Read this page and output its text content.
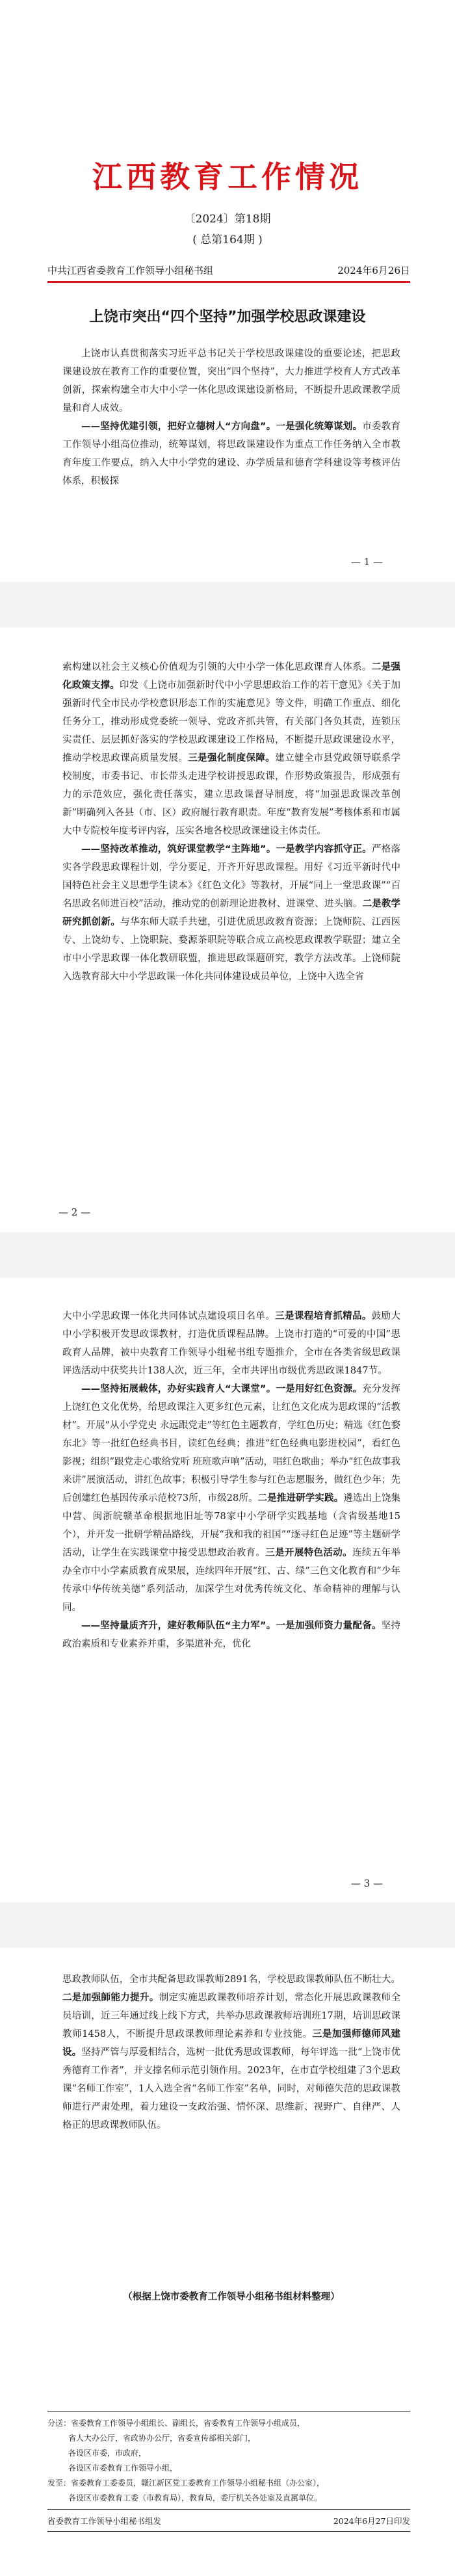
江西教育工作情况
〔2024〕第18期
( 总第164期 )
中共江西省委教育工作领导小组秘书组	2024年6月26日
上饶市突出“四个坚持”加强学校思政课建设

上饶市认真贯彻落实习近平总书记关于学校思政课建设的重要论述，把思政课建设放在教育工作的重要位置，突出“四个坚持”，大力推进学校育人方式改革创新，探索构建全市大中小学一体化思政课建设新格局，不断提升思政课教学质量和育人成效。

——坚持优建引领，把好立德树人“方向盘”。一是强化统筹谋划。市委教育工作领导小组高位推动，统筹谋划，将思政课建设作为重点工作任务纳入全市教育年度工作要点，纳入大中小学党的建设、办学质量和德育学科建设等考核评估体系，积极探

— 1 —

索构建以社会主义核心价值观为引领的大中小学一体化思政课育人体系。二是强化政策支撑。印发《上饶市加强新时代中小学思想政治工作的若干意见》《关于加强新时代全市民办学校意识形态工作的实施意见》等文件，明确工作重点、细化任务分工，推动形成党委统一领导、党政齐抓共管，有关部门各负其责，连锁压实责任、层层抓好落实的学校思政课建设工作格局，不断提升思政课建设水平，推动学校思政课高质量发展。三是强化制度保障。建立健全市县党政领导联系学校制度，市委书记、市长带头走进学校讲授思政课，作形势政策报告，形成强有力的示范效应，强化责任落实，建立思政课督导制度，将“加强思政课改革创新”明确列入各县（市、区）政府履行教育职责。年度“教育发展”考核体系和市属大中专院校年度考评内容，压实各地各校思政课建设主体责任。

——坚持改革推动，筑好课堂教学“主阵地”。一是教学内容抓守正。严格落实各学段思政课程计划，学分要足，开齐开好思政课程。用好《习近平新时代中国特色社会主义思想学生读本》《红色文化》等教材，开展“同上一堂思政课”“百名思政名师进百校”活动，推动党的创新理论进教材、进课堂、进头脑。二是教学研究抓创新。与华东师大联手共建，引进优质思政教育资源；上饶师院、江西医专、上饶幼专、上饶职院、婺源茶职院等联合成立高校思政课教学联盟；建立全市中小学思政课一体化教研联盟，推进思政课题研究，教学方法改革。上饶师院入选教育部大中小学思政课一体化共同体建设成员单位，上饶中入选全省

— 2 —

大中小学思政课一体化共同体试点建设项目名单。三是课程培育抓精品。鼓励大中小学积极开发思政课教材，打造优质课程品牌。上饶市打造的“可爱的中国”思政育人品牌，被中央教育工作领导小组秘书组专题推介，全市在各类省级思政课评选活动中获奖共计138人次，近三年，全市共评出市级优秀思政课1847节。

——坚持拓展载体，办好实践育人“大课堂”。一是用好红色资源。充分发挥上饶红色文化优势，给思政课注入更多红色元素，让红色文化成为思政课的“活教材”。开展“从小学党史 永远跟党走”等红色主题教育，学红色历史；精选《红色婺东北》等一批红色经典书目，读红色经典；推进“红色经典电影进校园”，看红色影视；组织“跟党走心歌给党听 班班歌声响”活动，唱红色歌曲；举办“红色故事我来讲”展演活动，讲红色故事；积极引导学生参与红色志愿服务，做红色少年；先后创建红色基因传承示范校73所，市级28所。二是推进研学实践。遴选出上饶集中营、闽浙皖赣革命根据地旧址等78家中小学研学实践基地（含省级基地15个），并开发一批研学精品路线，开展“我和我的祖国”“逐寻红色足迹”等主题研学活动，让学生在实践课堂中接受思想政治教育。三是开展特色活动。连续五年举办全市中小学素质教育成果展，连续四年开展“红、古、绿”三色文化教育和“少年传承中华传统美德”系列活动，加深学生对优秀传统文化、革命精神的理解与认同。

——坚持量质齐升，建好教师队伍“主力军”。一是加强师资力量配备。坚持政治素质和专业素养并重，多渠道补充，优化

— 3 —

思政教师队伍，全市共配备思政课教师2891名，学校思政课教师队伍不断壮大。二是加强師能力提升。制定实施思政课教师培养计划，常态化开展思政课教师全员培训，近三年通过线上线下方式，共举办思政课教师培训班17期，培训思政课教师1458人，不断提升思政课教师理论素养和专业技能。三是加强师德师风建设。坚持严管与厚爱相结合，选树一批优秀思政课教师，每年评选一批“上饶市优秀德育工作者”，并支撑名师示范引领作用。2023年，在市直学校组建了3个思政课“名师工作室”，1人入选全省“名师工作室”名单，同时，对师德失范的思政课教师进行严肃处理，着力建设一支政治强、情怀深、思维新、视野广、自律严、人格正的思政课教师队伍。

（根据上饶市委教育工作领导小组秘书组材料整理）
分送：省委教育工作领导小组组长、副组长，省委教育工作领导小组成员，
省人大办公厅，省政协办公厅，省委宣传部相关部门，
各设区市委，市政府，
各设区市委教育工作领导小组，
发至：省委教育工委委员，赣江新区党工委教育工作领导小组秘书组（办公室），
各设区市委教育工委（市教育局），教育局，委厅机关各处室及直属单位。
省委教育工作领导小组秘书组发	2024年6月27日印发
